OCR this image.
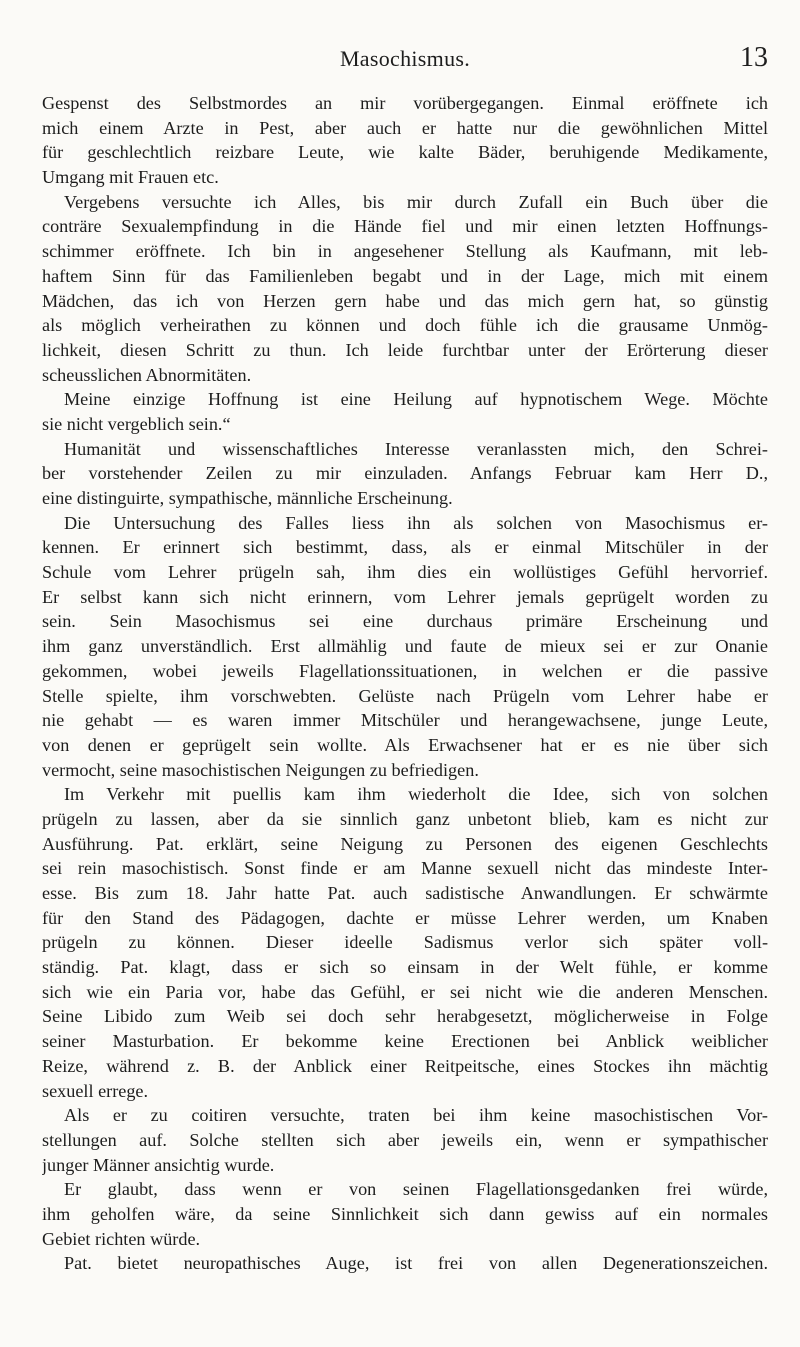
Masochismus.	13
Gespenst des Selbstmordes an mir vorübergegangen. Einmal eröffnete ich
mich einem Arzte in Pest, aber auch er hatte nur die gewöhnlichen Mittel
für geschlechtlich reizbare Leute, wie kalte Bäder, beruhigende Medikamente,
Umgang mit Frauen etc.
Vergebens versuchte ich Alles, bis mir durch Zufall ein Buch über die
conträre Sexualempfindung in die Hände fiel und mir einen letzten Hoffnungs-
schimmer eröffnete. Ich bin in angesehener Stellung als Kaufmann, mit leb-
haftem Sinn für das Familienleben begabt und in der Lage, mich mit einem
Mädchen, das ich von Herzen gern habe und das mich gern hat, so günstig
als möglich verheirathen zu können und doch fühle ich die grausame Unmög-
lichkeit, diesen Schritt zu thun. Ich leide furchtbar unter der Erörterung dieser
scheusslichen Abnormitäten.
Meine einzige Hoffnung ist eine Heilung auf hypnotischem Wege. Möchte
sie nicht vergeblich sein.“
Humanität und wissenschaftliches Interesse veranlassten mich, den Schrei-
ber vorstehender Zeilen zu mir einzuladen. Anfangs Februar kam Herr D.,
eine distinguirte, sympathische, männliche Erscheinung.
Die Untersuchung des Falles liess ihn als solchen von Masochismus er-
kennen. Er erinnert sich bestimmt, dass, als er einmal Mitschüler in der
Schule vom Lehrer prügeln sah, ihm dies ein wollüstiges Gefühl hervorrief.
Er selbst kann sich nicht erinnern, vom Lehrer jemals geprügelt worden zu
sein. Sein Masochismus sei eine durchaus primäre Erscheinung und
ihm ganz unverständlich. Erst allmählig und faute de mieux sei er zur Onanie
gekommen, wobei jeweils Flagellationssituationen, in welchen er die passive
Stelle spielte, ihm vorschwebten. Gelüste nach Prügeln vom Lehrer habe er
nie gehabt — es waren immer Mitschüler und herangewachsene, junge Leute,
von denen er geprügelt sein wollte. Als Erwachsener hat er es nie über sich
vermocht, seine masochistischen Neigungen zu befriedigen.
Im Verkehr mit puellis kam ihm wiederholt die Idee, sich von solchen
prügeln zu lassen, aber da sie sinnlich ganz unbetont blieb, kam es nicht zur
Ausführung. Pat. erklärt, seine Neigung zu Personen des eigenen Geschlechts
sei rein masochistisch. Sonst finde er am Manne sexuell nicht das mindeste Inter-
esse. Bis zum 18. Jahr hatte Pat. auch sadistische Anwandlungen. Er schwärmte
für den Stand des Pädagogen, dachte er müsse Lehrer werden, um Knaben
prügeln zu können. Dieser ideelle Sadismus verlor sich später voll-
ständig. Pat. klagt, dass er sich so einsam in der Welt fühle, er komme
sich wie ein Paria vor, habe das Gefühl, er sei nicht wie die anderen Menschen.
Seine Libido zum Weib sei doch sehr herabgesetzt, möglicherweise in Folge
seiner Masturbation. Er bekomme keine Erectionen bei Anblick weiblicher
Reize, während z. B. der Anblick einer Reitpeitsche, eines Stockes ihn mächtig
sexuell errege.
Als er zu coitiren versuchte, traten bei ihm keine masochistischen Vor-
stellungen auf. Solche stellten sich aber jeweils ein, wenn er sympathischer
junger Männer ansichtig wurde.
Er glaubt, dass wenn er von seinen Flagellationsgedanken frei würde,
ihm geholfen wäre, da seine Sinnlichkeit sich dann gewiss auf ein normales
Gebiet richten würde.
Pat. bietet neuropathisches Auge, ist frei von allen Degenerationszeichen.
